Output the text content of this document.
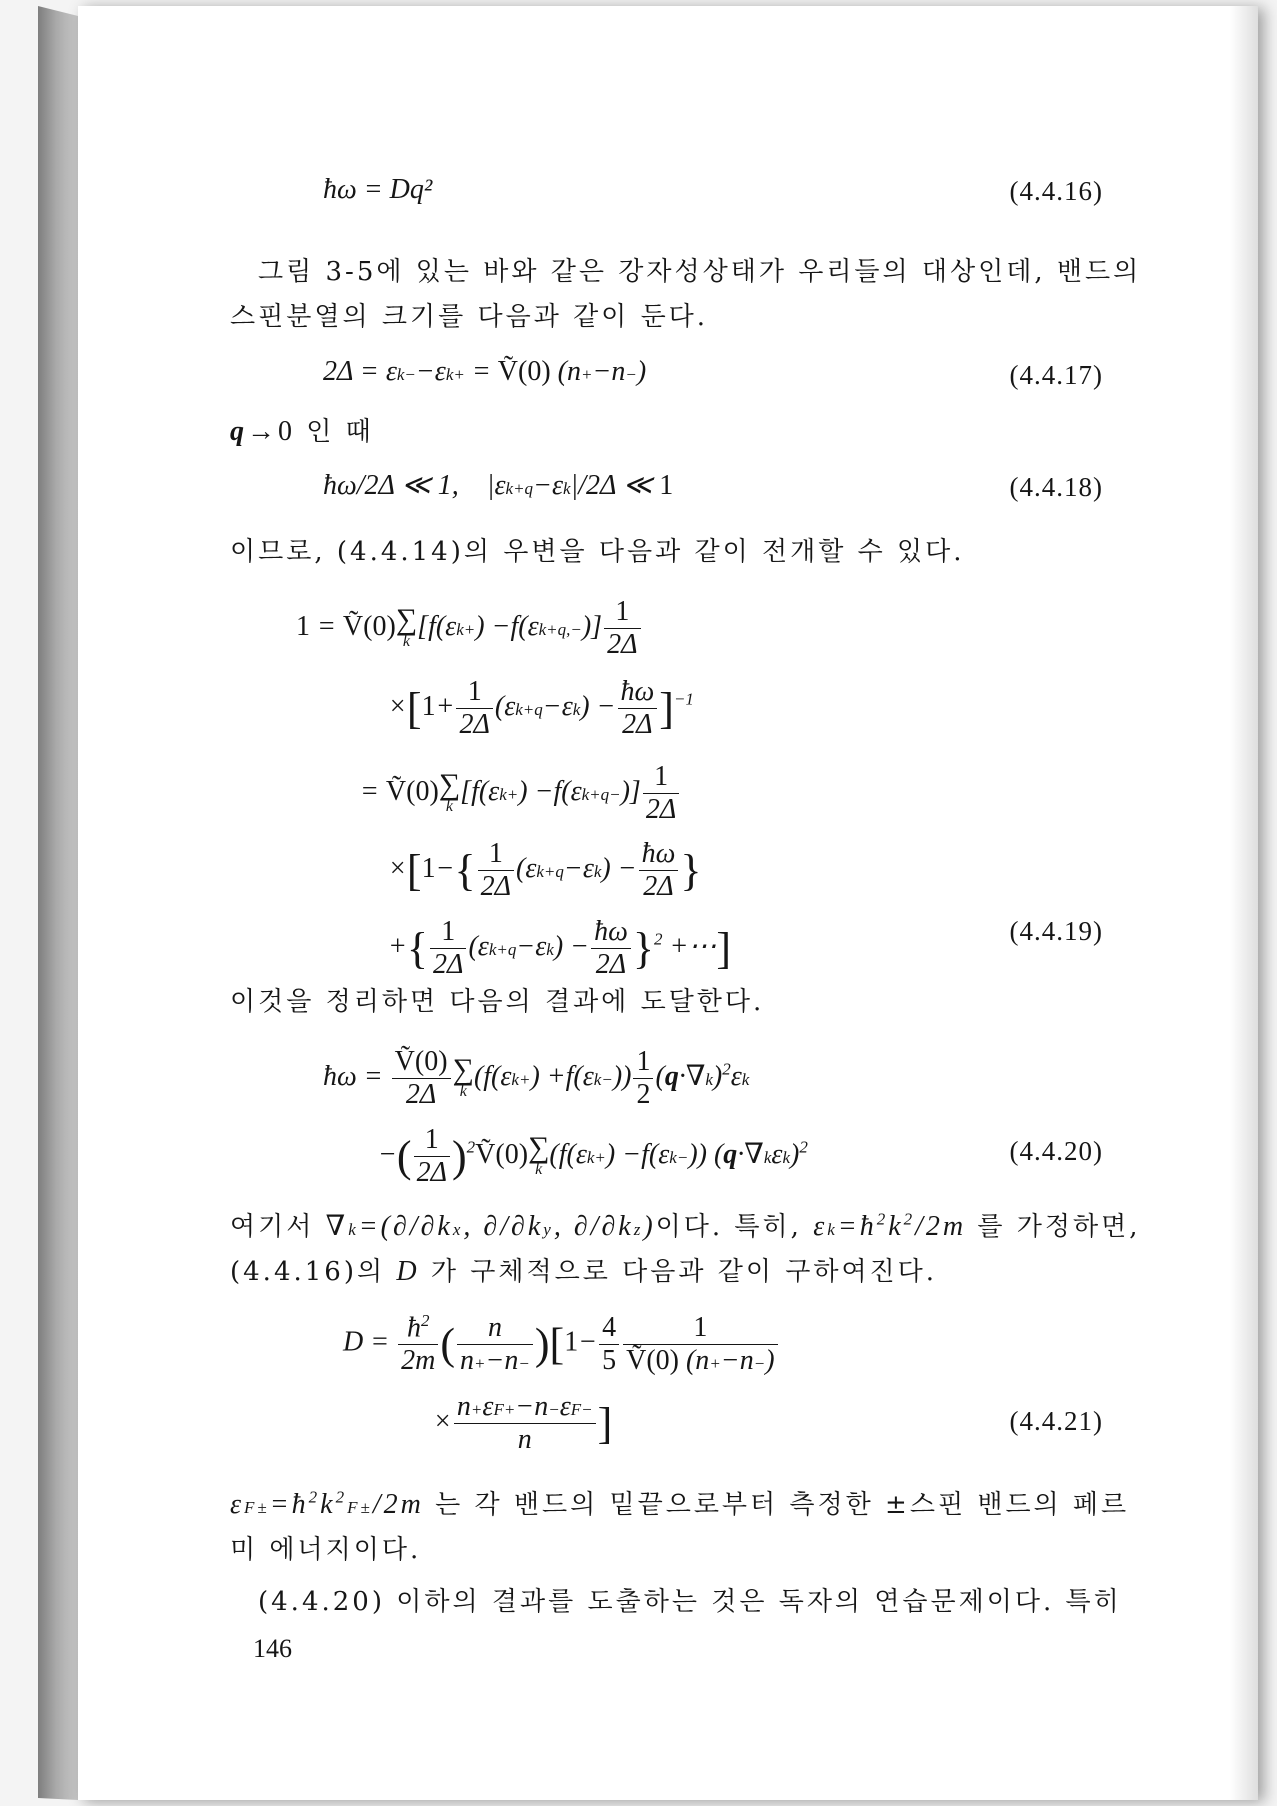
ħω = Dq²	(4.4.16)
그림 3-5에 있는 바와 같은 강자성상태가 우리들의 대상인데, 밴드의
스핀분열의 크기를 다음과 같이 둔다.
2Δ = εk−−εk+ = Ṽ(0) (n+−n−)	(4.4.17)
q→0 인 때
ħω/2Δ ≪ 1, |εk+q−εk|/2Δ ≪ 1	(4.4.18)
이므로, (4.4.14)의 우변을 다음과 같이 전개할 수 있다.
1 = Ṽ(0) ∑
k $[f(\varepsilon k+) -f(\varepsilon k+q,-)] \frac{1}{2\Delta}$
$\times[1+ \frac{1}{2\Delta} (\varepsilon k+q-\varepsilon k) - \frac{ħ\omega}{2\Delta} ]^{-1}$
= Ṽ(0) ∑
k $[f(\varepsilon k+) -f(\varepsilon k+q-)] \frac{1}{2\Delta}$
$\times[1-\{ \frac{1}{2\Delta} (\varepsilon k+q-\varepsilon k) - \frac{ħ\omega}{2\Delta}$ }
+{ $\frac{1}{2\Delta} (\varepsilon k+q-\varepsilon k) - \frac{ħ\omega}{2\Delta} \}^2$ +⋯]	(4.4.19)
이것을 정리하면 다음의 결과에 도달한다.
ħω = $\frac{\text{Ṽ(0)}}{2\Delta}$ ∑
k $(f(\varepsilon k+) +f(\varepsilon k-)) \frac{1}{2} (q\cdot\nabla k)^2\varepsilon k$
−( $\frac{1}{2\Delta}$ )$^2$Ṽ(0) ∑
k (f(εk+) −f(εk−)) $(q\cdot\nabla k\varepsilon k)^2$	(4.4.20)
여기서 ∇k=(∂/∂kx, ∂/∂ky, ∂/∂kz)이다. 특히, $\varepsilon k=ħ^2k^2/2m$ 를 가정하면,
(4.4.16)의 D 가 구체적으로 다음과 같이 구하여진다.
$D = \frac{ħ^2}{2m}$ ( $\frac{n}{n+-n-} )[1- \frac{4}{5} \frac{1}{\text{Ṽ(0) (n+−n−)}}$
× $\frac{n+\varepsilon F+-n-\varepsilon F-}{n}$ ]	(4.4.21)
$\varepsilon F\pm=ħ^2k^2F\pm/2m$ 는 각 밴드의 밑끝으로부터 측정한 ±스핀 밴드의 페르
미 에너지이다.
(4.4.20) 이하의 결과를 도출하는 것은 독자의 연습문제이다. 특히
146
